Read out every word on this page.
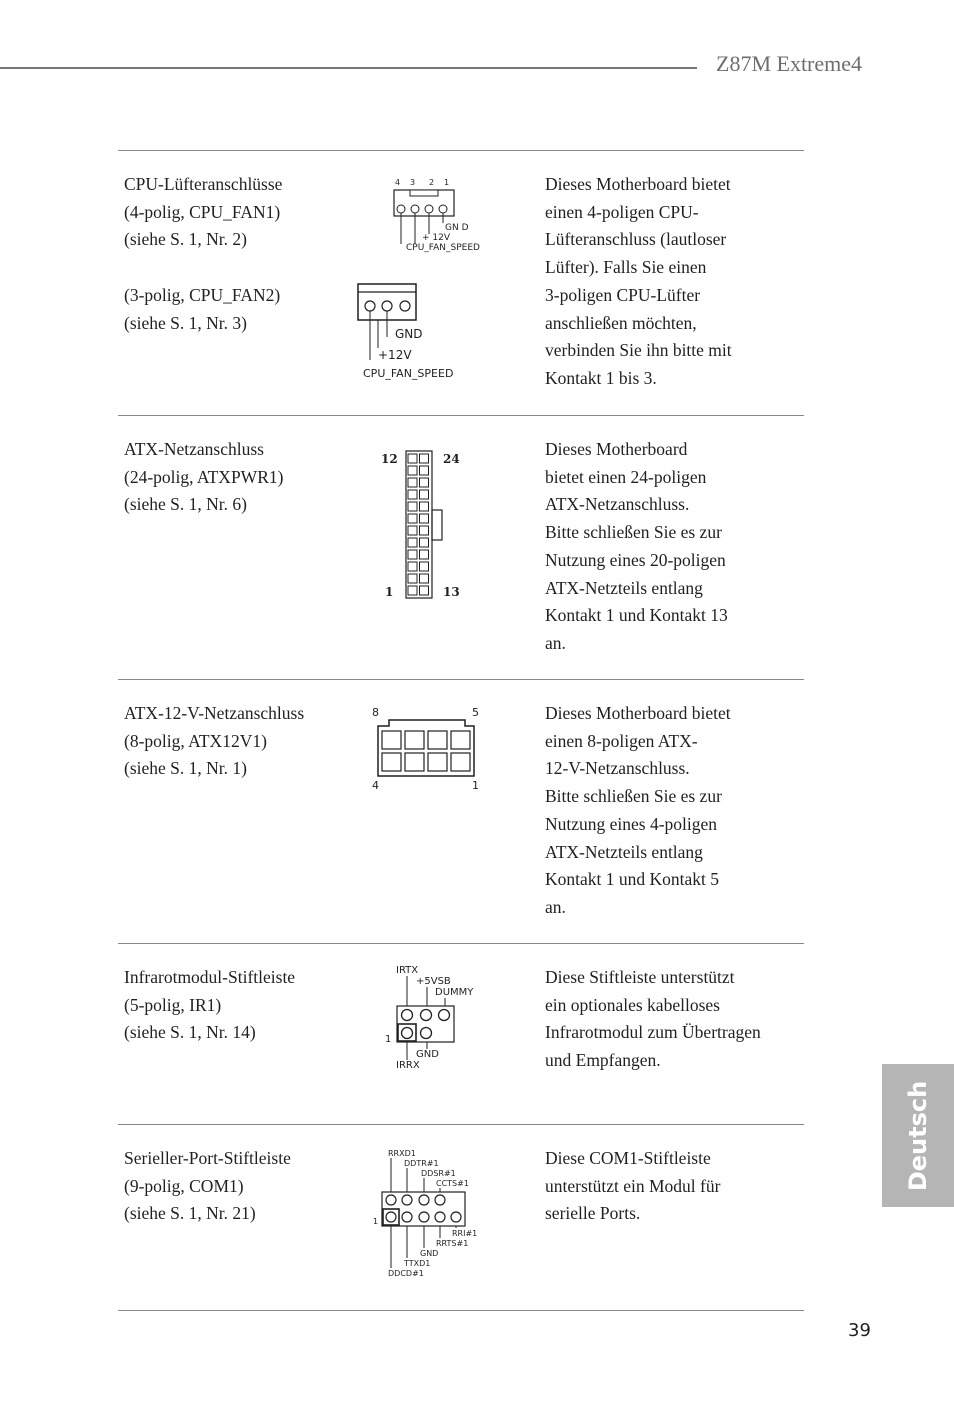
Z87M Extreme4
CPU-Lüfteranschlüsse
(4-polig, CPU_FAN1)
(siehe S. 1, Nr. 2)
(3-polig, CPU_FAN2)
(siehe S. 1, Nr. 3)
Dieses Motherboard bietet
einen 4-poligen CPU-
Lüfteranschluss (lautloser
Lüfter). Falls Sie einen
3-poligen CPU-Lüfter
anschließen möchten,
verbinden Sie ihn bitte mit
Kontakt 1 bis 3.
4 3 2 1
GN D
+ 12V
CPU_FAN_SPEED
GND
+12V
CPU_FAN_SPEED
ATX-Netzanschluss
(24-polig, ATXPWR1)
(siehe S. 1, Nr. 6)
Dieses Motherboard
bietet einen 24-poligen
ATX-Netzanschluss.
Bitte schließen Sie es zur
Nutzung eines 20-poligen
ATX-Netzteils entlang
Kontakt 1 und Kontakt 13
an.
12	24
1	13
ATX-12-V-Netzanschluss
(8-polig, ATX12V1)
(siehe S. 1, Nr. 1)
Dieses Motherboard bietet
einen 8-poligen ATX-
12-V-Netzanschluss.
Bitte schließen Sie es zur
Nutzung eines 4-poligen
ATX-Netzteils entlang
Kontakt 1 und Kontakt 5
an.
8	5
4	1
Infrarotmodul-Stiftleiste
(5-polig, IR1)
(siehe S. 1, Nr. 14)
Diese Stiftleiste unterstützt
ein optionales kabelloses
Infrarotmodul zum Übertragen
und Empfangen.
IRTX
+5VSB
DUMMY
1
GND
IRRX
Serieller-Port-Stiftleiste
(9-polig, COM1)
(siehe S. 1, Nr. 21)
Diese COM1-Stiftleiste
unterstützt ein Modul für
serielle Ports.
RRXD1
DDTR#1
DDSR#1
CCTS#1
1
RRI#1
RRTS#1
GND
TTXD1
DDCD#1
Deutsch
39
